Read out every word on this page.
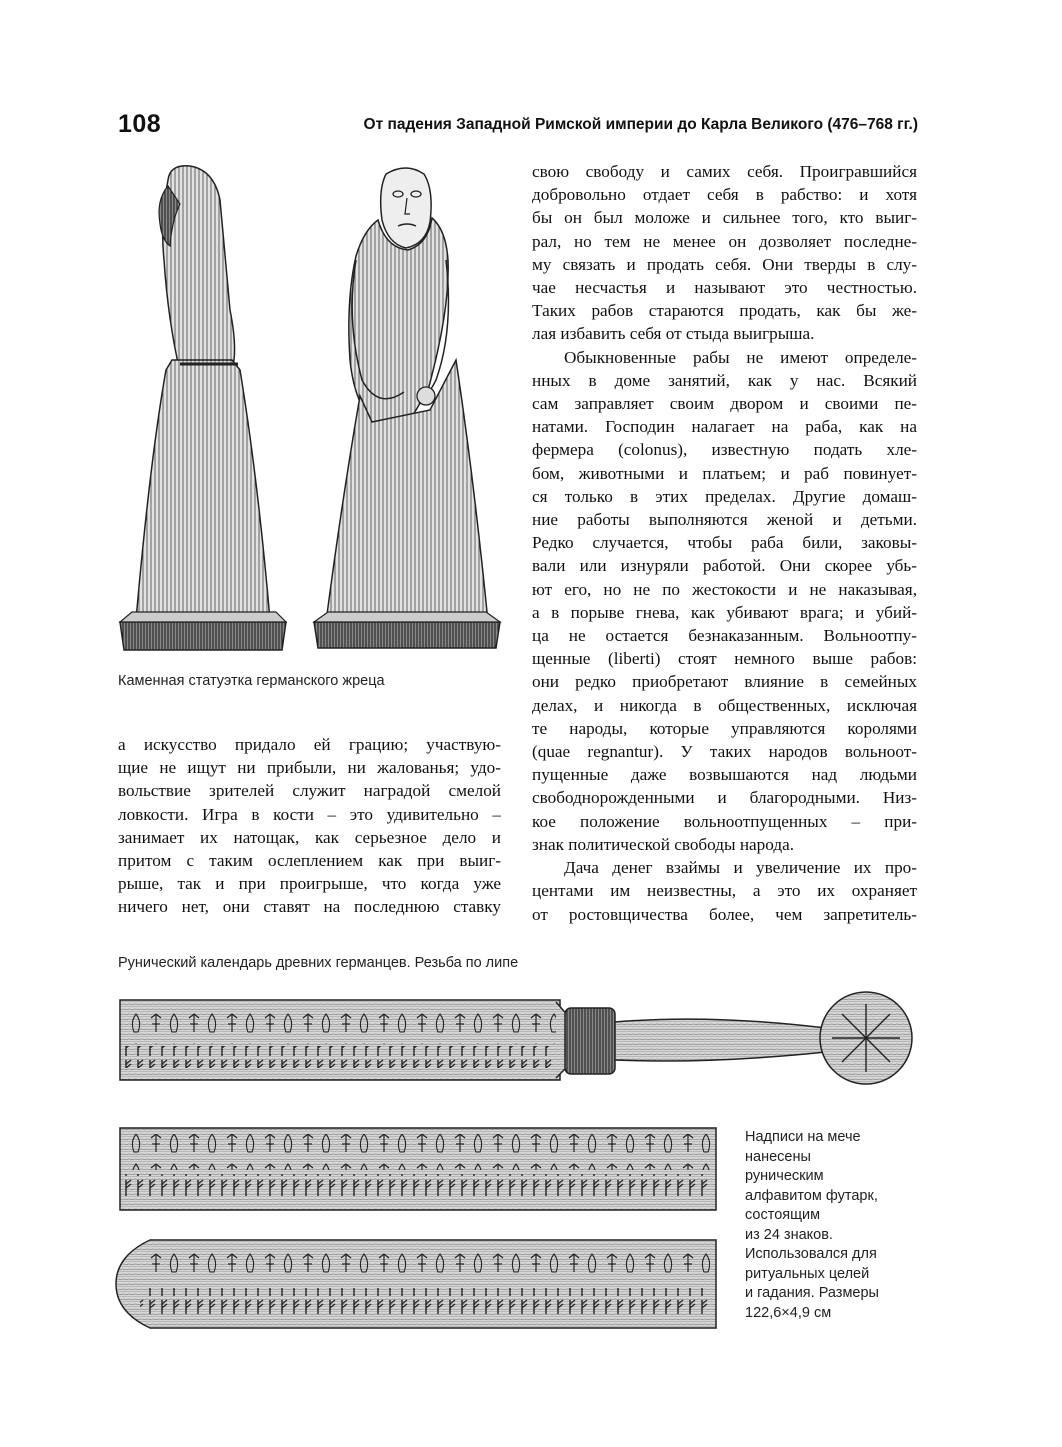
108	От падения Западной Римской империи до Карла Великого (476–768 гг.)
Каменная статуэтка германского жреца
свою свободу и самих себя. Проигравшийся
добровольно отдает себя в рабство: и хотя
бы он был моложе и сильнее того, кто выиг-
рал, но тем не менее он дозволяет последне-
му связать и продать себя. Они тверды в слу-
чае несчастья и называют это честностью.
Таких рабов стараются продать, как бы же-
лая избавить себя от стыда выигрыша.
Обыкновенные рабы не имеют определе-
нных в доме занятий, как у нас. Всякий
сам заправляет своим двором и своими пе-
натами. Господин налагает на раба, как на
фермера (colonus), известную подать хле-
бом, животными и платьем; и раб повинует-
ся только в этих пределах. Другие домаш-
ние работы выполняются женой и детьми.
Редко случается, чтобы раба били, заковы-
вали или изнуряли работой. Они скорее убь-
ют его, но не по жестокости и не наказывая,
а в порыве гнева, как убивают врага; и убий-
ца не остается безнаказанным. Вольноотпу-
щенные (liberti) стоят немного выше рабов:
они редко приобретают влияние в семейных
делах, и никогда в общественных, исключая
те народы, которые управляются королями
(quae regnantur). У таких народов вольноот-
пущенные даже возвышаются над людьми
свободнорожденными и благородными. Низ-
кое положение вольноотпущенных – при-
знак политической свободы народа.
Дача денег взаймы и увеличение их про-
центами им неизвестны, а это их охраняет
от ростовщичества более, чем запретитель-
а искусство придало ей грацию; участвую-
щие не ищут ни прибыли, ни жалованья; удо-
вольствие зрителей служит наградой смелой
ловкости. Игра в кости – это удивительно –
занимает их натощак, как серьезное дело и
притом с таким ослеплением как при выиг-
рыше, так и при проигрыше, что когда уже
ничего нет, они ставят на последнюю ставку
Рунический календарь древних германцев. Резьба по липе
Надписи на мече
нанесены
руническим
алфавитом футарк,
состоящим
из 24 знаков.
Использовался для
ритуальных целей
и гадания. Размеры
122,6×4,9 см
